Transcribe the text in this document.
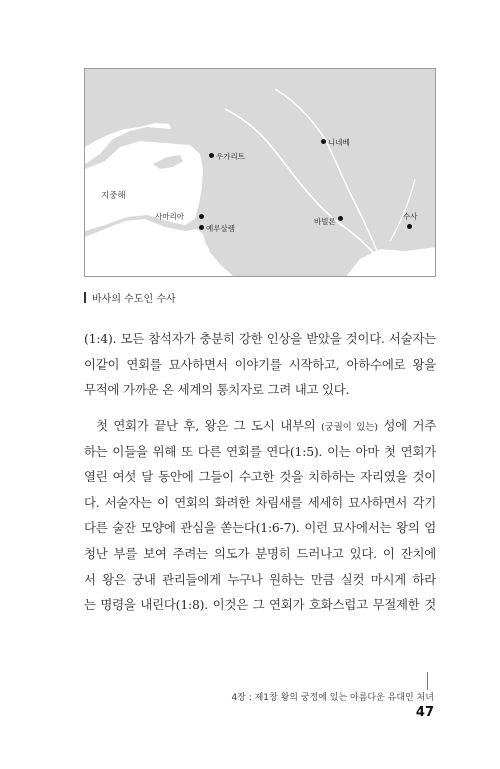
지중해
우가리트
니네베
사마리아
예루살렘
바빌론
수사
바사의 수도인 수사
(1:4). 모든 참석자가 충분히 강한 인상을 받았을 것이다. 서술자는
이같이 연회를 묘사하면서 이야기를 시작하고, 아하수에로 왕을
무적에 가까운 온 세계의 통치자로 그려 내고 있다.
첫 연회가 끝난 후, 왕은 그 도시 내부의 (궁궐이 있는) 성에 거주
하는 이들을 위해 또 다른 연회를 연다(1:5). 이는 아마 첫 연회가
열린 여섯 달 동안에 그들이 수고한 것을 치하하는 자리였을 것이
다. 서술자는 이 연회의 화려한 차림새를 세세히 묘사하면서 각기
다른 술잔 모양에 관심을 쏟는다(1:6-7). 이런 묘사에서는 왕의 엄
청난 부를 보여 주려는 의도가 분명히 드러나고 있다. 이 잔치에
서 왕은 궁내 관리들에게 누구나 원하는 만큼 실컷 마시게 하라
는 명령을 내린다(1:8). 이것은 그 연회가 호화스럽고 무절제한 것
4장 : 제1창 왕의 궁정에 있는 아름다운 유대인 처녀
47
